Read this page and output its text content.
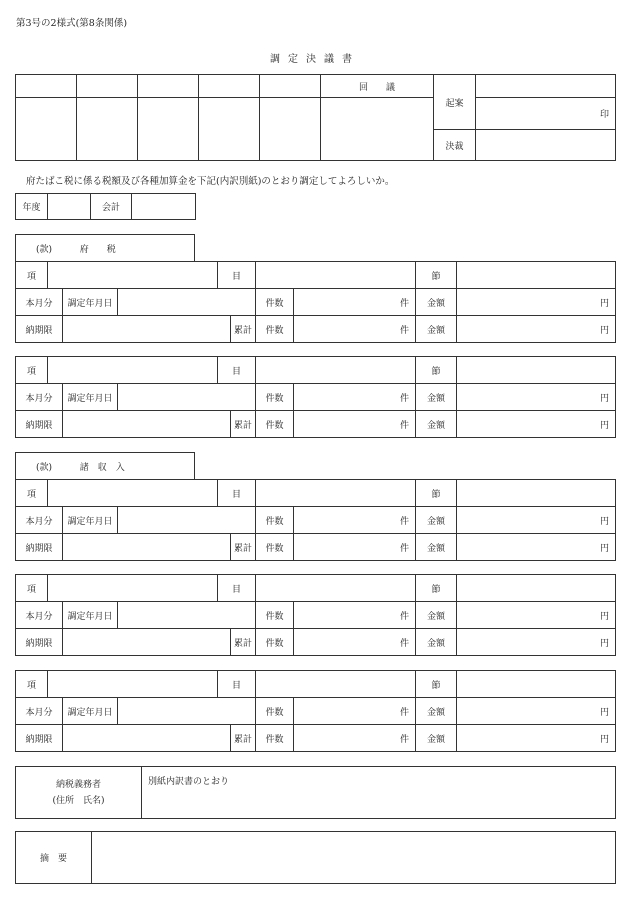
第3号の2様式(第8条関係)
調定決議書
					回　　議	起案	
							印
						決裁	
府たばこ税に係る税額及び各種加算金を下記(内訳別紙)のとおり調定してよろしいか。
年度		会計	
(款)	府　　税
項				目				節	
本月分		調定年月日				件数	件	金額	円
納期限					累計	件数	件	金額	円
項				目				節	
本月分		調定年月日				件数	件	金額	円
納期限					累計	件数	件	金額	円
(款)	諸　収　入
項				目				節	
本月分		調定年月日				件数	件	金額	円
納期限					累計	件数	件	金額	円
項				目				節	
本月分		調定年月日				件数	件	金額	円
納期限					累計	件数	件	金額	円
項				目				節	
本月分		調定年月日				件数	件	金額	円
納期限					累計	件数	件	金額	円
納税義務者
(住所　氏名)
	別紙内訳書のとおり
摘　要	
